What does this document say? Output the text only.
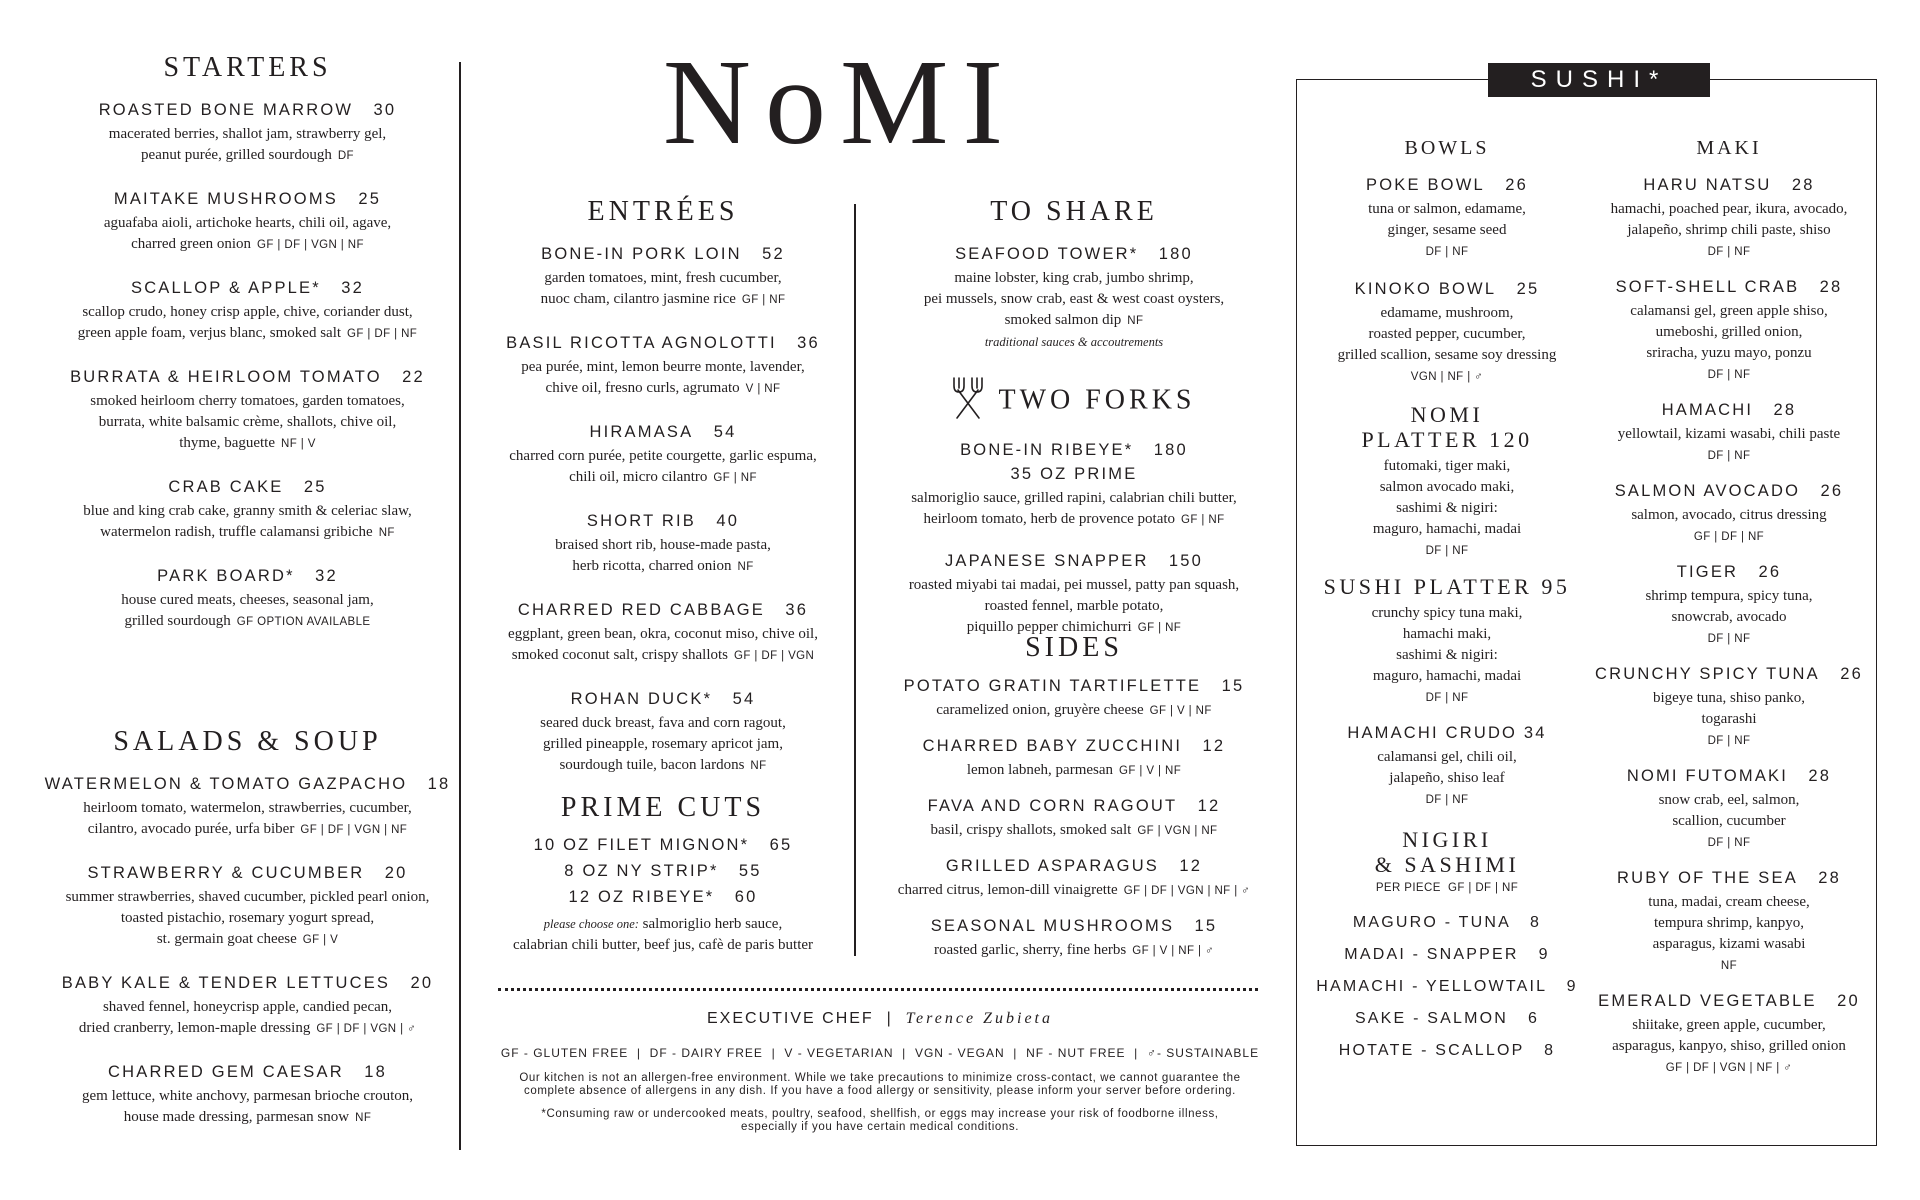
NoMI
STARTERS
ROASTED BONE MARROW 30
macerated berries, shallot jam, strawberry gel,
peanut purée, grilled sourdough DF
MAITAKE MUSHROOMS 25
aguafaba aioli, artichoke hearts, chili oil, agave,
charred green onion GF | DF | VGN | NF
SCALLOP & APPLE* 32
scallop crudo, honey crisp apple, chive, coriander dust,
green apple foam, verjus blanc, smoked salt GF | DF | NF
BURRATA & HEIRLOOM TOMATO 22
smoked heirloom cherry tomatoes, garden tomatoes,
burrata, white balsamic crème, shallots, chive oil,
thyme, baguette NF | V
CRAB CAKE 25
blue and king crab cake, granny smith & celeriac slaw,
watermelon radish, truffle calamansi gribiche NF
PARK BOARD* 32
house cured meats, cheeses, seasonal jam,
grilled sourdough GF OPTION AVAILABLE
SALADS & SOUP
WATERMELON & TOMATO GAZPACHO 18
heirloom tomato, watermelon, strawberries, cucumber,
cilantro, avocado purée, urfa biber GF | DF | VGN | NF
STRAWBERRY & CUCUMBER 20
summer strawberries, shaved cucumber, pickled pearl onion,
toasted pistachio, rosemary yogurt spread,
st. germain goat cheese GF | V
BABY KALE & TENDER LETTUCES 20
shaved fennel, honeycrisp apple, candied pecan,
dried cranberry, lemon-maple dressing GF | DF | VGN | ♂
CHARRED GEM CAESAR 18
gem lettuce, white anchovy, parmesan brioche crouton,
house made dressing, parmesan snow NF
ENTRÉES
BONE-IN PORK LOIN 52
garden tomatoes, mint, fresh cucumber,
nuoc cham, cilantro jasmine rice GF | NF
BASIL RICOTTA AGNOLOTTI 36
pea purée, mint, lemon beurre monte, lavender,
chive oil, fresno curls, agrumato V | NF
HIRAMASA 54
charred corn purée, petite courgette, garlic espuma,
chili oil, micro cilantro GF | NF
SHORT RIB 40
braised short rib, house-made pasta,
herb ricotta, charred onion NF
CHARRED RED CABBAGE 36
eggplant, green bean, okra, coconut miso, chive oil,
smoked coconut salt, crispy shallots GF | DF | VGN
ROHAN DUCK* 54
seared duck breast, fava and corn ragout,
grilled pineapple, rosemary apricot jam,
sourdough tuile, bacon lardons NF
PRIME CUTS
10 OZ FILET MIGNON*   65
8 OZ NY STRIP*   55
12 OZ RIBEYE*   60
please choose one: salmoriglio herb sauce,
calabrian chili butter, beef jus, cafè de paris butter
TO SHARE
SEAFOOD TOWER* 180
maine lobster, king crab, jumbo shrimp,
pei mussels, snow crab, east & west coast oysters,
smoked salmon dip NF
traditional sauces & accoutrements
TWO FORKS
BONE-IN RIBEYE* 180
35 OZ PRIME
salmoriglio sauce, grilled rapini, calabrian chili butter,
heirloom tomato, herb de provence potato GF | NF
JAPANESE SNAPPER 150
roasted miyabi tai madai, pei mussel, patty pan squash,
roasted fennel, marble potato,
piquillo pepper chimichurri GF | NF
SIDES
POTATO GRATIN TARTIFLETTE 15
caramelized onion, gruyère cheese GF | V | NF
CHARRED BABY ZUCCHINI 12
lemon labneh, parmesan GF | V | NF
FAVA AND CORN RAGOUT 12
basil, crispy shallots, smoked salt GF | VGN | NF
GRILLED ASPARAGUS 12
charred citrus, lemon-dill vinaigrette GF | DF | VGN | NF | ♂
SEASONAL MUSHROOMS 15
roasted garlic, sherry, fine herbs GF | V | NF | ♂
EXECUTIVE CHEF  |  Terence Zubieta
GF - GLUTEN FREE  |  DF - DAIRY FREE  |  V - VEGETARIAN  |  VGN - VEGAN  |  NF - NUT FREE  |  ♂- SUSTAINABLE
Our kitchen is not an allergen-free environment. While we take precautions to minimize cross-contact, we cannot guarantee the
complete absence of allergens in any dish. If you have a food allergy or sensitivity, please inform your server before ordering.
*Consuming raw or undercooked meats, poultry, seafood, shellfish, or eggs may increase your risk of foodborne illness,
especially if you have certain medical conditions.
SUSHI*
BOWLS
POKE BOWL 26
tuna or salmon, edamame,
ginger, sesame seed
DF | NF
KINOKO BOWL 25
edamame, mushroom,
roasted pepper, cucumber,
grilled scallion, sesame soy dressing
VGN | NF | ♂
NOMI
PLATTER 120
futomaki, tiger maki,
salmon avocado maki,
sashimi & nigiri:
maguro, hamachi, madai
DF | NF
SUSHI PLATTER 95
crunchy spicy tuna maki,
hamachi maki,
sashimi & nigiri:
maguro, hamachi, madai
DF | NF
HAMACHI CRUDO 34
calamansi gel, chili oil,
jalapeño, shiso leaf
DF | NF
NIGIRI
& SASHIMI
PER PIECE  GF | DF | NF
MAGURO - TUNA   8
MADAI - SNAPPER   9
HAMACHI - YELLOWTAIL   9
SAKE - SALMON   6
HOTATE - SCALLOP   8
MAKI
HARU NATSU 28
hamachi, poached pear, ikura, avocado,
jalapeño, shrimp chili paste, shiso
DF | NF
SOFT-SHELL CRAB 28
calamansi gel, green apple shiso,
umeboshi, grilled onion,
sriracha, yuzu mayo, ponzu
DF | NF
HAMACHI 28
yellowtail, kizami wasabi, chili paste
DF | NF
SALMON AVOCADO 26
salmon, avocado, citrus dressing
GF | DF | NF
TIGER 26
shrimp tempura, spicy tuna,
snowcrab, avocado
DF | NF
CRUNCHY SPICY TUNA 26
bigeye tuna, shiso panko,
togarashi
DF | NF
NOMI FUTOMAKI 28
snow crab, eel, salmon,
scallion, cucumber
DF | NF
RUBY OF THE SEA 28
tuna, madai, cream cheese,
tempura shrimp, kanpyo,
asparagus, kizami wasabi
NF
EMERALD VEGETABLE 20
shiitake, green apple, cucumber,
asparagus, kanpyo, shiso, grilled onion
GF | DF | VGN | NF | ♂
